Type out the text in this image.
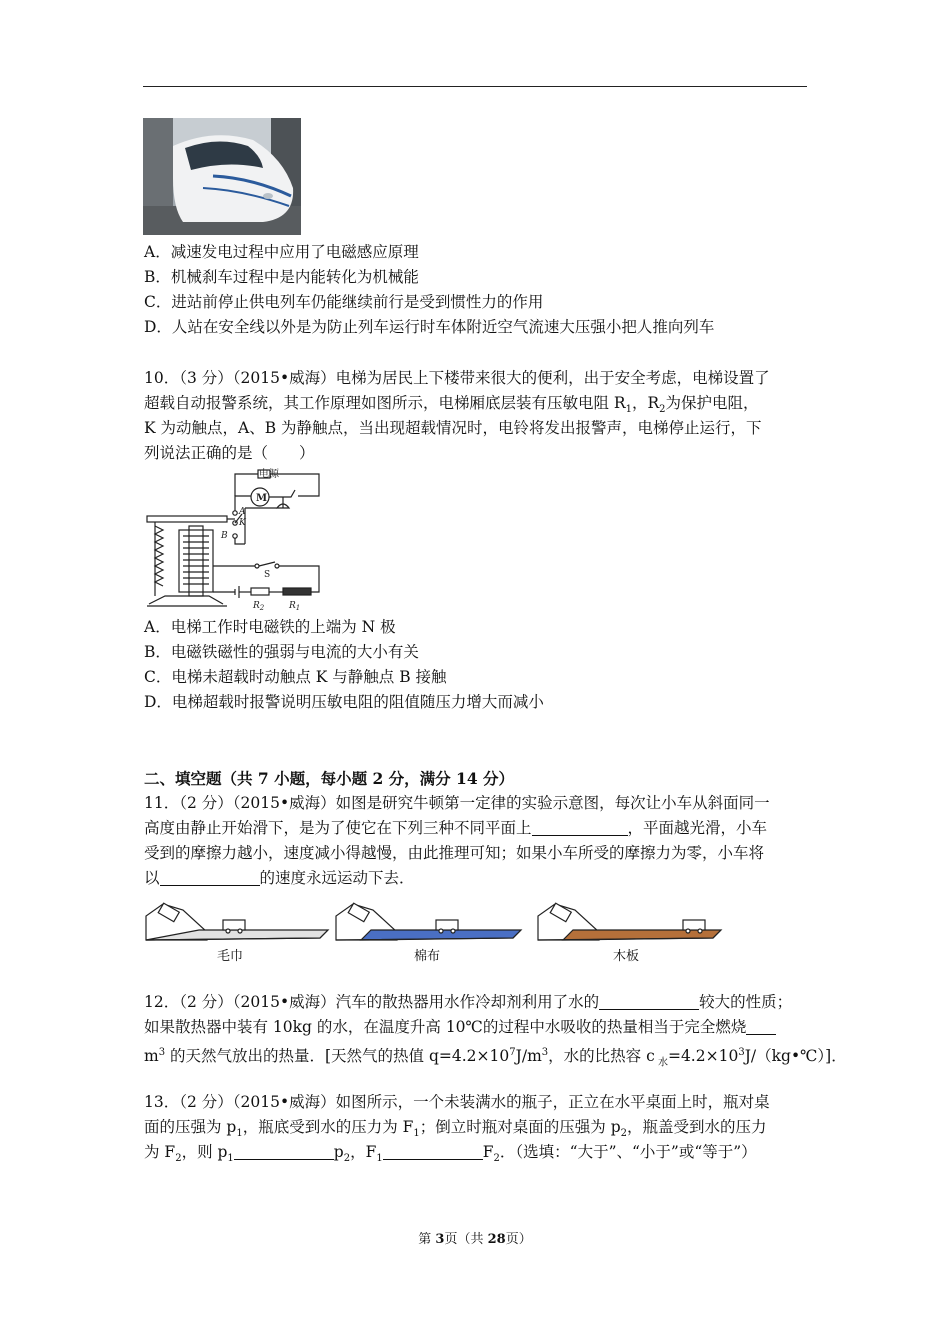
A．减速发电过程中应用了电磁感应原理
B．机械刹车过程中是内能转化为机械能
C．进站前停止供电列车仍能继续前行是受到惯性力的作用
D．人站在安全线以外是为防止列车运行时车体附近空气流速大压强小把人推向列车
10．（3 分）（2015•威海）电梯为居民上下楼带来很大的便利，出于安全考虑，电梯设置了
超载自动报警系统，其工作原理如图所示，电梯厢底层装有压敏电阻 $R_1$，$R_2$为保护电阻，
K 为动触点，A、B 为静触点，当出现超载情况时，电铃将发出报警声，电梯停止运行，下
列说法正确的是（　　）
电源
M
A
K
B
S
$R_2$	$R_1$
A．电梯工作时电磁铁的上端为 N 极
B．电磁铁磁性的强弱与电流的大小有关
C．电梯未超载时动触点 K 与静触点 B 接触
D．电梯超载时报警说明压敏电阻的阻值随压力增大而减小
二、填空题（共 7 小题，每小题 2 分，满分 14 分）
11．（2 分）（2015•威海）如图是研究牛顿第一定律的实验示意图，每次让小车从斜面同一
高度由静止开始滑下，是为了使它在下列三种不同平面上	，平面越光滑，小车
受到的摩擦力越小，速度减小得越慢，由此推理可知；如果小车所受的摩擦力为零，小车将
以	的速度永远运动下去．
毛巾	棉布	木板
12．（2 分）（2015•威海）汽车的散热器用水作冷却剂利用了水的	较大的性质；
如果散热器中装有 10kg 的水，在温度升高 10℃的过程中水吸收的热量相当于完全燃烧
$m^3$ 的天然气放出的热量．[天然气的热值 $q=4.2\times 10^7J/m^3$，水的比热容 c $_水=4.2\times 10^3J/(kg•℃)$]．
13．（2 分）（2015•威海）如图所示，一个未装满水的瓶子，正立在水平桌面上时，瓶对桌
面的压强为 $p_1$，瓶底受到水的压力为 $F_1$；倒立时瓶对桌面的压强为 $p_2$，瓶盖受到水的压力
为 $F_2$，则 $p_1$	$p_2$，$F_1$	$F_2$．（选填：“大于”、“小于”或“等于”）
第 3页（共 28页）
